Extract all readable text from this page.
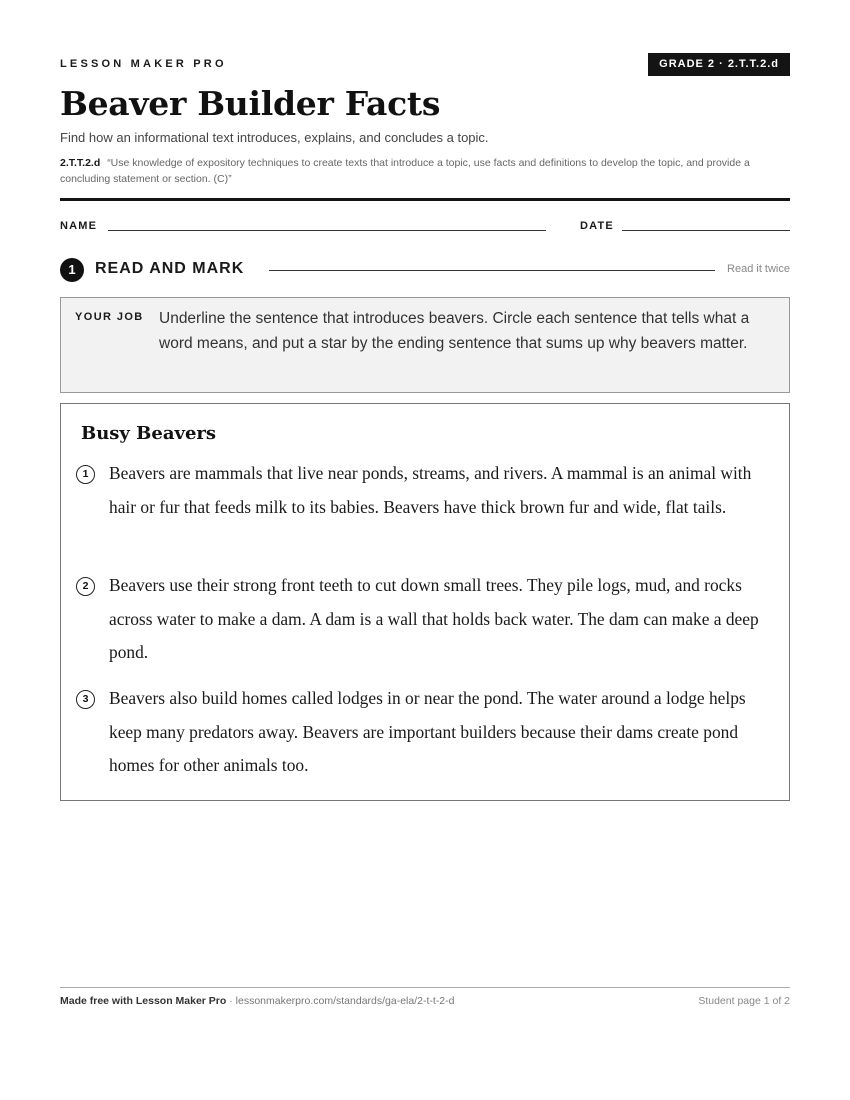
LESSON MAKER PRO	GRADE 2 · 2.T.T.2.d
Beaver Builder Facts
Find how an informational text introduces, explains, and concludes a topic.
2.T.T.2.d “Use knowledge of expository techniques to create texts that introduce a topic, use facts and definitions to develop the topic, and provide a concluding statement or section. (C)”
NAME	DATE
1	READ AND MARK	Read it twice
YOUR JOB Underline the sentence that introduces beavers. Circle each sentence that tells what a word means, and put a star by the ending sentence that sums up why beavers matter.
Busy Beavers
1	Beavers are mammals that live near ponds, streams, and rivers. A mammal is an animal with hair or fur that feeds milk to its babies. Beavers have thick brown fur and wide, flat tails.
2	Beavers use their strong front teeth to cut down small trees. They pile logs, mud, and rocks across water to make a dam. A dam is a wall that holds back water. The dam can make a deep pond.
3	Beavers also build homes called lodges in or near the pond. The water around a lodge helps keep many predators away. Beavers are important builders because their dams create pond homes for other animals too.
Made free with Lesson Maker Pro · lessonmakerpro.com/standards/ga-ela/2-t-t-2-d	Student page 1 of 2
